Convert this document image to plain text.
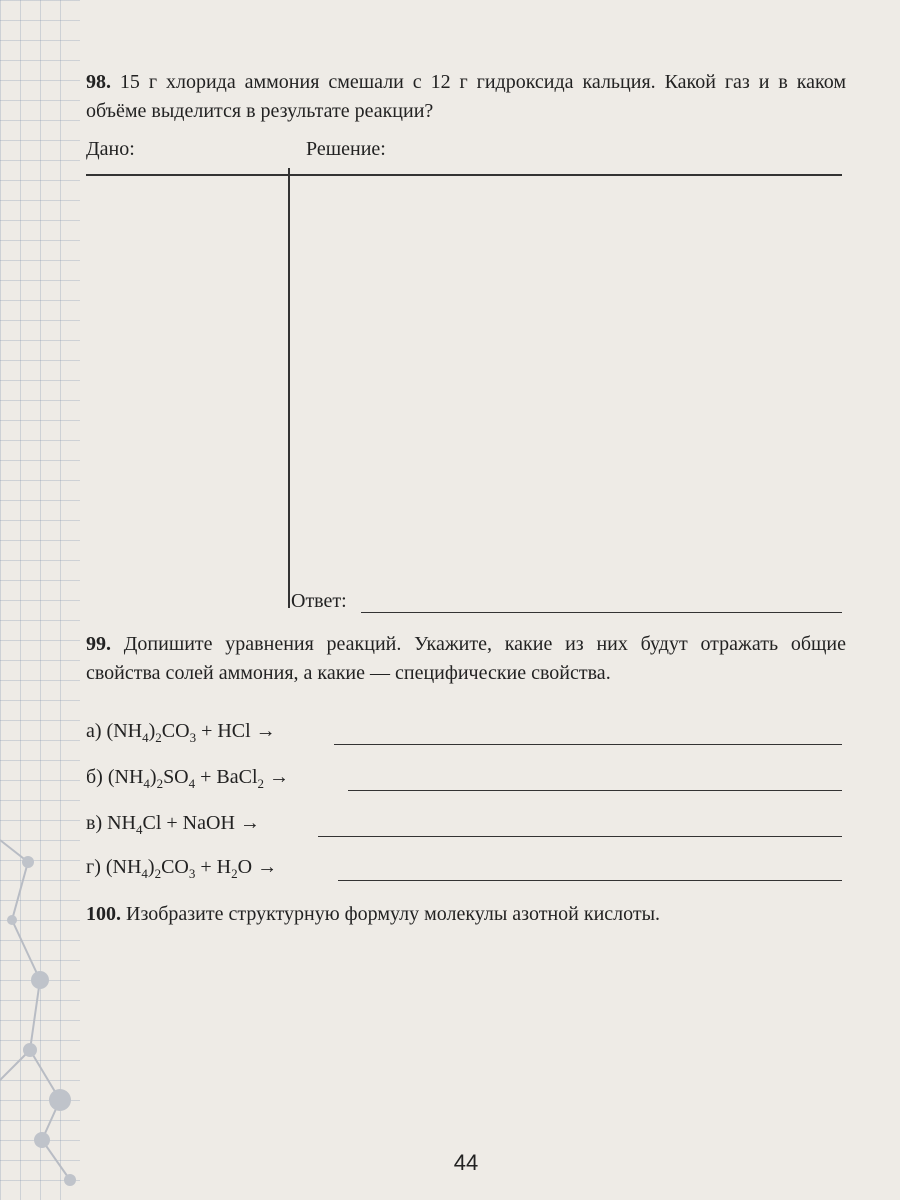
98. 15 г хлорида аммония смешали с 12 г гидроксида кальция. Какой газ и в каком объёме выделится в результате реакции?
Дано:	Решение:
Ответ:
99. Допишите уравнения реакций. Укажите, какие из них будут отражать общие свойства солей аммония, а какие — специфические свойства.
а) $(NH_4)_2CO_3$ + HCl →
б) $(NH_4)_2SO_4$ + BaCl$_2$ →
в) $NH_4Cl$ + NaOH →
г) $(NH_4)_2CO_3 + H_2O$ →
100. Изобразите структурную формулу молекулы азотной кислоты.
44
